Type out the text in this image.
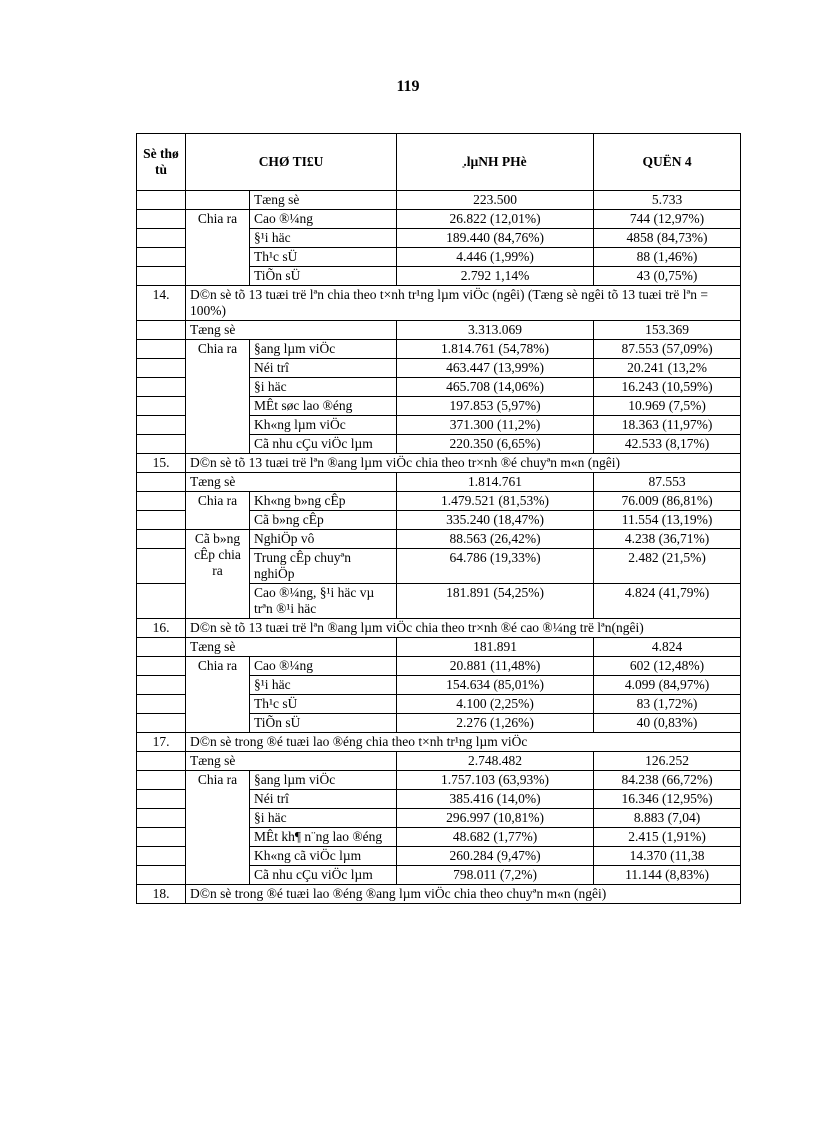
119
Sè thø tù	CHØ TI£U		ַ.lµNH PHè	QUËN 4
		Tæng sè	223.500	5.733
	Chia ra	Cao ®¼ng	26.822 (12,01%)	744 (12,97%)
		§¹i häc	189.440 (84,76%)	4858 (84,73%)
		Th¹c sÜ	4.446 (1,99%)	88 (1,46%)
		TiÕn sÜ	2.792 1,14%	43 (0,75%)
14.	D©n sè tõ 13 tuæi trë lªn chia theo t×nh tr¹ng lµm viÖc (ngêi) (Tæng sè ngêi tõ 13 tuæi trë lªn = 100%)			
	Tæng sè		3.313.069	153.369
	Chia ra	§ang lµm viÖc	1.814.761 (54,78%)	87.553 (57,09%)
		Néi trî	463.447 (13,99%)	20.241 (13,2%
		§i häc	465.708 (14,06%)	16.243 (10,59%)
		MÊt søc lao ®éng	197.853 (5,97%)	10.969 (7,5%)
		Kh«ng lµm viÖc	371.300 (11,2%)	18.363 (11,97%)
		Cã nhu cÇu viÖc lµm	220.350 (6,65%)	42.533 (8,17%)
15.	D©n sè tõ 13 tuæi trë lªn ®ang lµm viÖc chia theo tr×nh ®é chuyªn m«n (ngêi)			
	Tæng sè		1.814.761	87.553
	Chia ra	Kh«ng b»ng cÊp	1.479.521 (81,53%)	76.009 (86,81%)
		Cã b»ng cÊp	335.240 (18,47%)	11.554 (13,19%)
	Cã b»ng cÊp chia ra	NghiÖp vô	88.563 (26,42%)	4.238 (36,71%)
		Trung cÊp chuyªn nghiÖp	64.786 (19,33%)	2.482 (21,5%)
		Cao ®¼ng, §¹i häc vµ trªn ®¹i häc	181.891 (54,25%)	4.824 (41,79%)
16.	D©n sè tõ 13 tuæi trë lªn ®ang lµm viÖc chia theo tr×nh ®é cao ®¼ng trë lªn(ngêi)			
	Tæng sè		181.891	4.824
	Chia ra	Cao ®¼ng	20.881 (11,48%)	602 (12,48%)
		§¹i häc	154.634 (85,01%)	4.099 (84,97%)
		Th¹c sÜ	4.100 (2,25%)	83 (1,72%)
		TiÕn sÜ	2.276 (1,26%)	40 (0,83%)
17.	D©n sè trong ®é tuæi lao ®éng chia theo t×nh tr¹ng lµm viÖc			
	Tæng sè		2.748.482	126.252
	Chia ra	§ang lµm viÖc	1.757.103 (63,93%)	84.238 (66,72%)
		Néi trî	385.416 (14,0%)	16.346 (12,95%)
		§i häc	296.997 (10,81%)	8.883 (7,04)
		MÊt kh¶ n¨ng lao ®éng	48.682 (1,77%)	2.415 (1,91%)
		Kh«ng cã viÖc lµm	260.284 (9,47%)	14.370 (11,38
		Cã nhu cÇu viÖc lµm	798.011 (7,2%)	11.144 (8,83%)
18.	D©n sè trong ®é tuæi lao ®éng ®ang lµm viÖc chia theo chuyªn m«n (ngêi)			
